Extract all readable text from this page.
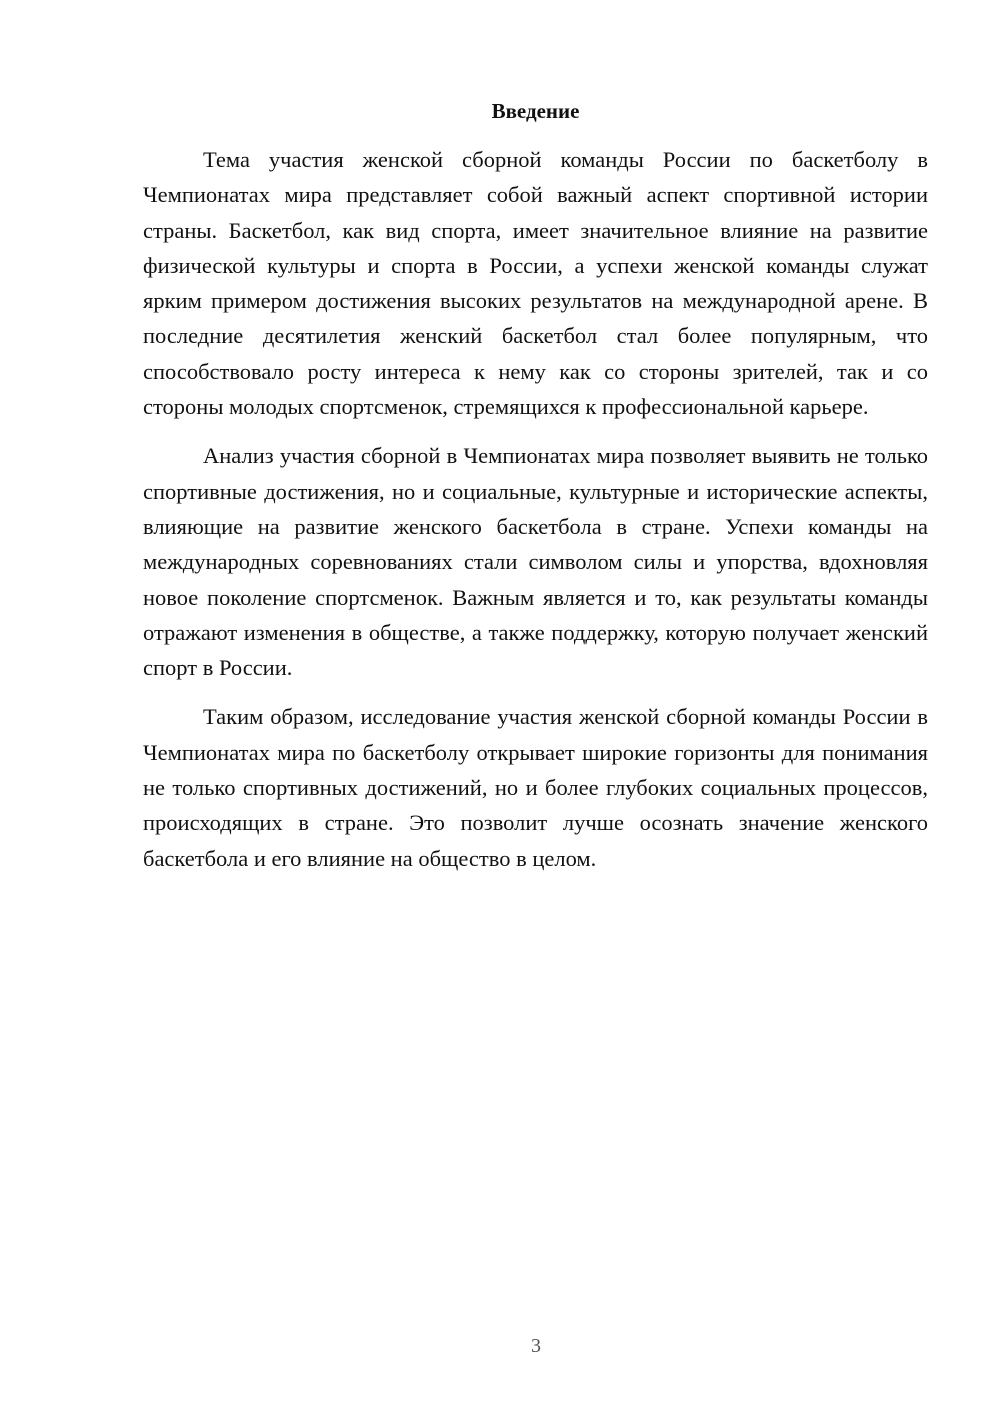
Введение

Тема участия женской сборной команды России по баскетболу в Чемпионатах мира представляет собой важный аспект спортивной истории страны. Баскетбол, как вид спорта, имеет значительное влияние на развитие физической культуры и спорта в России, а успехи женской команды служат ярким примером достижения высоких результатов на международной арене. В последние десятилетия женский баскетбол стал более популярным, что способствовало росту интереса к нему как со стороны зрителей, так и со стороны молодых спортсменок, стремящихся к профессиональной карьере.

Анализ участия сборной в Чемпионатах мира позволяет выявить не только спортивные достижения, но и социальные, культурные и исторические аспекты, влияющие на развитие женского баскетбола в стране. Успехи команды на международных соревнованиях стали символом силы и упорства, вдохновляя новое поколение спортсменок. Важным является и то, как результаты команды отражают изменения в обществе, а также поддержку, которую получает женский спорт в России.

Таким образом, исследование участия женской сборной команды России в Чемпионатах мира по баскетболу открывает широкие горизонты для понимания не только спортивных достижений, но и более глубоких социальных процессов, происходящих в стране. Это позволит лучше осознать значение женского баскетбола и его влияние на общество в целом.

3
